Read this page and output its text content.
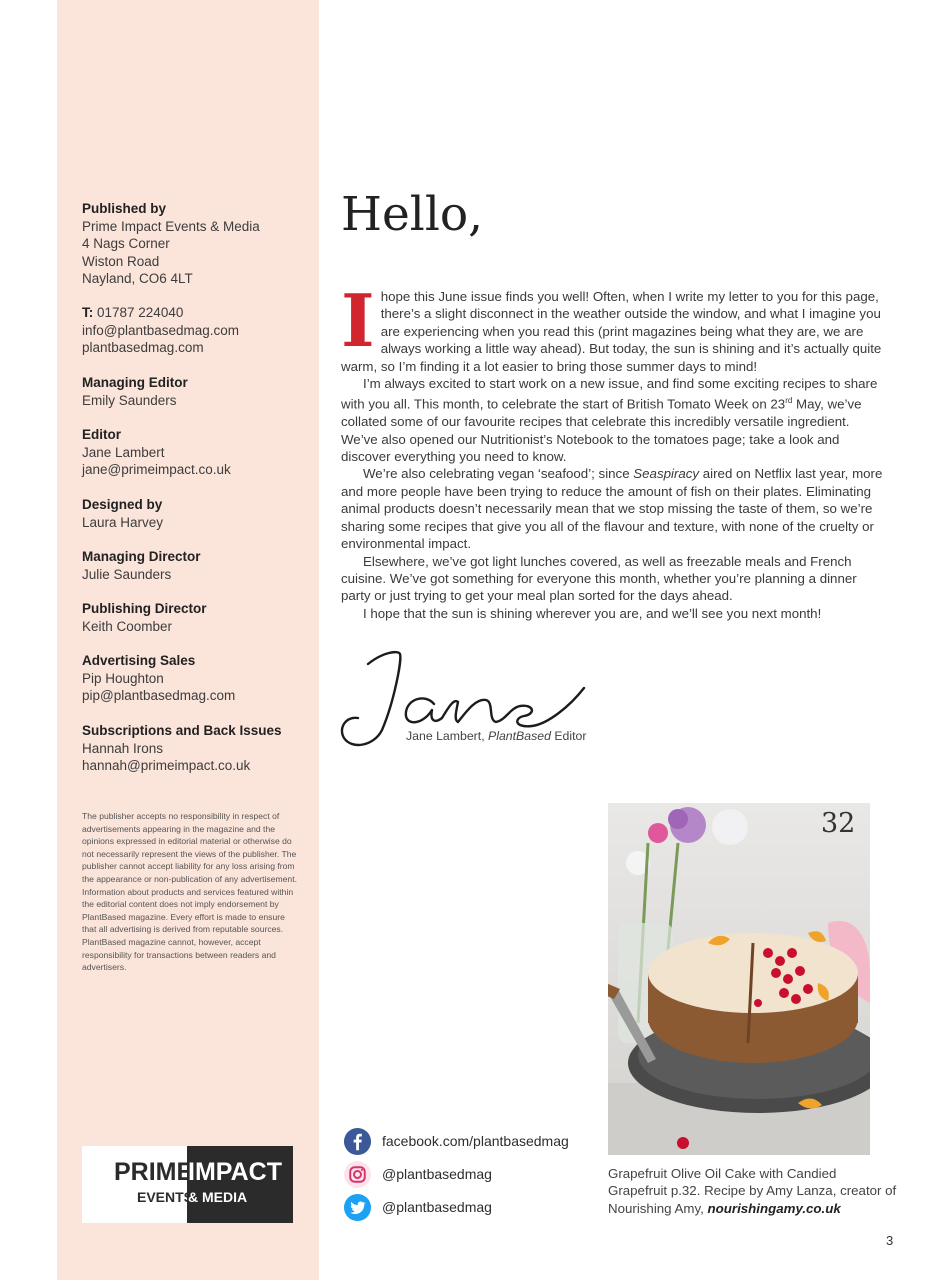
Published by
Prime Impact Events & Media
4 Nags Corner
Wiston Road
Nayland, CO6 4LT
T: 01787 224040
info@plantbasedmag.com
plantbasedmag.com
Managing Editor
Emily Saunders
Editor
Jane Lambert
jane@primeimpact.co.uk
Designed by
Laura Harvey
Managing Director
Julie Saunders
Publishing Director
Keith Coomber
Advertising Sales
Pip Houghton
pip@plantbasedmag.com
Subscriptions and Back Issues
Hannah Irons
hannah@primeimpact.co.uk
The publisher accepts no responsibility in respect of advertisements appearing in the magazine and the opinions expressed in editorial material or otherwise do not necessarily represent the views of the publisher. The publisher cannot accept liability for any loss arising from the appearance or non-publication of any advertisement. Information about products and services featured within the editorial content does not imply endorsement by PlantBased magazine. Every effort is made to ensure that all advertising is derived from reputable sources. PlantBased magazine cannot, however, accept responsibility for transactions between readers and advertisers.
PRIME
IMPACT
EVENTS
& MEDIA
Hello,

I hope this June issue finds you well! Often, when I write my letter to you for this page, there’s a slight disconnect in the weather outside the window, and what I imagine you are experiencing when you read this (print magazines being what they are, we are always working a little way ahead). But today, the sun is shining and it’s actually quite warm, so I’m finding it a lot easier to bring those summer days to mind!

I’m always excited to start work on a new issue, and find some exciting recipes to share with you all. This month, to celebrate the start of British Tomato Week on 23rd May, we’ve collated some of our favourite recipes that celebrate this incredibly versatile ingredient. We’ve also opened our Nutritionist’s Notebook to the tomatoes page; take a look and discover everything you need to know.

We’re also celebrating vegan ‘seafood’; since Seaspiracy aired on Netflix last year, more and more people have been trying to reduce the amount of fish on their plates. Eliminating animal products doesn’t necessarily mean that we stop missing the taste of them, so we’re sharing some recipes that give you all of the flavour and texture, with none of the cruelty or environmental impact.

Elsewhere, we’ve got light lunches covered, as well as freezable meals and French cuisine. We’ve got something for everyone this month, whether you’re planning a dinner party or just trying to get your meal plan sorted for the days ahead.

I hope that the sun is shining wherever you are, and we’ll see you next month!

Jane
Jane Lambert, PlantBased Editor
32
Grapefruit Olive Oil Cake with Candied Grapefruit p.32. Recipe by Amy Lanza, creator of Nourishing Amy, nourishingamy.co.uk
facebook.com/plantbasedmag
@plantbasedmag
@plantbasedmag
3
